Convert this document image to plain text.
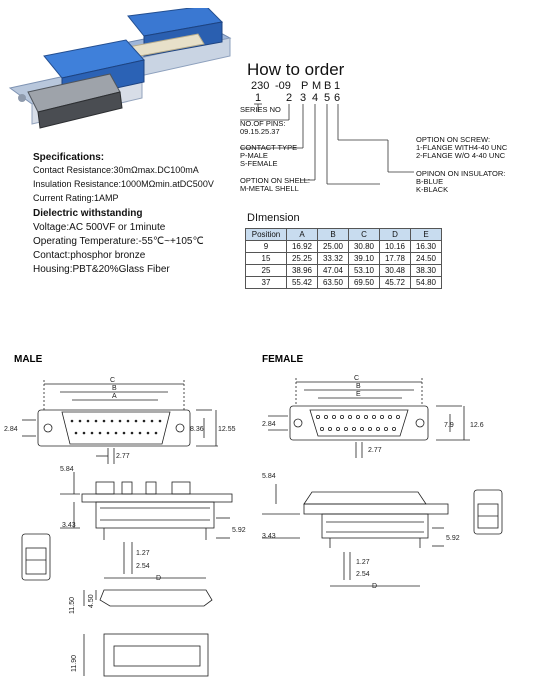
How to order
230 -09 P M B 1
1 2 3 4 5 6
SERIES NO
NO.OF PINS:
09.15.25.37
CONTACT TYPE
P-MALE
S-FEMALE
OPTION ON SHELL:
M-METAL SHELL
OPTION ON SCREW:
1-FLANGE WITH4-40 UNC
2-FLANGE W/O 4-40 UNC
OPINON ON INSULATOR:
B-BLUE
K-BLACK
Specifications:
Contact Resistance:30mΩmax.DC100mA
Insulation Resistance:1000MΩmin.atDC500V
Current Rating:1AMP
Dielectric withstanding
Voltage:AC 500VF or 1minute
Operating Temperature:-55℃~+105℃
Contact:phosphor bronze
Housing:PBT&20%Glass Fiber
DImension
Position	A	B	C	D	E
9	16.92	25.00	30.80	10.16	16.30
15	25.25	33.32	39.10	17.78	24.50
25	38.96	47.04	53.10	30.48	38.30
37	55.42	63.50	69.50	45.72	54.80
MALE	FEMALE
C
B
A
2.84	8.36 12.55
2.77
5.84
3.43
5.92
1.27
2.54
D
11.50 4.50
11.90
C
B
E
2.84	7.9 12.6
2.77
5.84
3.43	5.92
1.27
2.54
D
